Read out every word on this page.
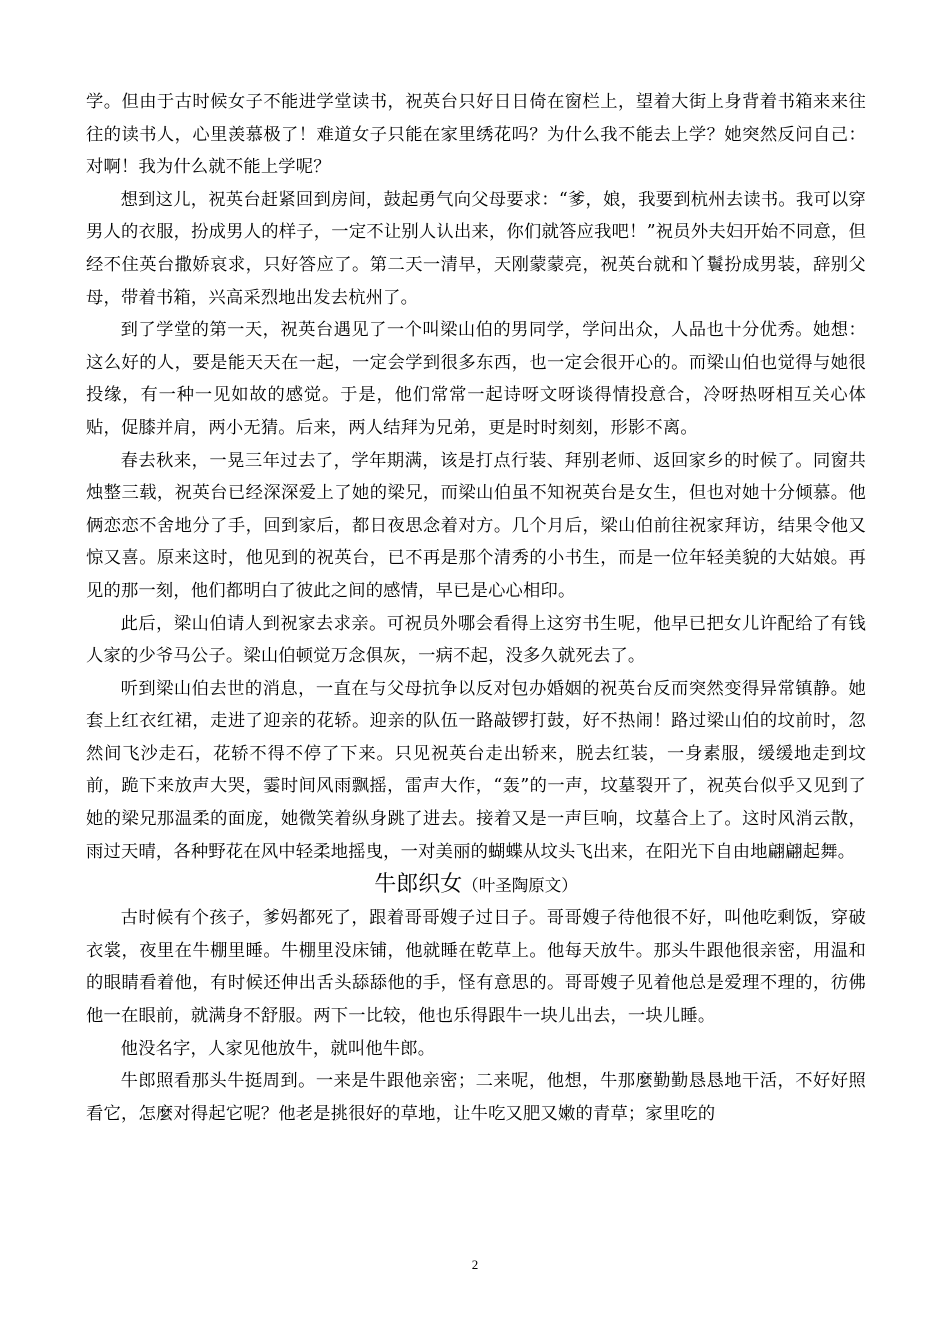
学。但由于古时候女子不能进学堂读书，祝英台只好日日倚在窗栏上，望着大街上身背着书箱来来往往的读书人，心里羡慕极了！难道女子只能在家里绣花吗？为什么我不能去上学？她突然反问自己：对啊！我为什么就不能上学呢？

想到这儿，祝英台赶紧回到房间，鼓起勇气向父母要求：“爹，娘，我要到杭州去读书。我可以穿男人的衣服，扮成男人的样子，一定不让别人认出来，你们就答应我吧！”祝员外夫妇开始不同意，但经不住英台撒娇哀求，只好答应了。第二天一清早，天刚蒙蒙亮，祝英台就和丫鬟扮成男装，辞别父母，带着书箱，兴高采烈地出发去杭州了。

到了学堂的第一天，祝英台遇见了一个叫梁山伯的男同学，学问出众，人品也十分优秀。她想：这么好的人，要是能天天在一起，一定会学到很多东西，也一定会很开心的。而梁山伯也觉得与她很投缘，有一种一见如故的感觉。于是，他们常常一起诗呀文呀谈得情投意合，冷呀热呀相互关心体贴，促膝并肩，两小无猜。后来，两人结拜为兄弟，更是时时刻刻，形影不离。

春去秋来，一晃三年过去了，学年期满，该是打点行装、拜别老师、返回家乡的时候了。同窗共烛整三载，祝英台已经深深爱上了她的梁兄，而梁山伯虽不知祝英台是女生，但也对她十分倾慕。他俩恋恋不舍地分了手，回到家后，都日夜思念着对方。几个月后，梁山伯前往祝家拜访，结果令他又惊又喜。原来这时，他见到的祝英台，已不再是那个清秀的小书生，而是一位年轻美貌的大姑娘。再见的那一刻，他们都明白了彼此之间的感情，早已是心心相印。

此后，梁山伯请人到祝家去求亲。可祝员外哪会看得上这穷书生呢，他早已把女儿许配给了有钱人家的少爷马公子。梁山伯顿觉万念俱灰，一病不起，没多久就死去了。

听到梁山伯去世的消息，一直在与父母抗争以反对包办婚姻的祝英台反而突然变得异常镇静。她套上红衣红裙，走进了迎亲的花轿。迎亲的队伍一路敲锣打鼓，好不热闹！路过梁山伯的坟前时，忽然间飞沙走石，花轿不得不停了下来。只见祝英台走出轿来，脱去红装，一身素服，缓缓地走到坟前，跪下来放声大哭，霎时间风雨飘摇，雷声大作，“轰”的一声，坟墓裂开了，祝英台似乎又见到了她的梁兄那温柔的面庞，她微笑着纵身跳了进去。接着又是一声巨响，坟墓合上了。这时风消云散，雨过天晴，各种野花在风中轻柔地摇曳，一对美丽的蝴蝶从坟头飞出来，在阳光下自由地翩翩起舞。

牛郎织女（叶圣陶原文）

古时候有个孩子，爹妈都死了，跟着哥哥嫂子过日子。哥哥嫂子待他很不好，叫他吃剩饭，穿破衣裳，夜里在牛棚里睡。牛棚里没床铺，他就睡在乾草上。他每天放牛。那头牛跟他很亲密，用温和的眼睛看着他，有时候还伸出舌头舔舔他的手，怪有意思的。哥哥嫂子见着他总是爱理不理的，彷佛他一在眼前，就满身不舒服。两下一比较，他也乐得跟牛一块儿出去，一块儿睡。

他没名字，人家见他放牛，就叫他牛郎。

牛郎照看那头牛挺周到。一来是牛跟他亲密；二来呢，他想，牛那麼勤勤恳恳地干活，不好好照看它，怎麼对得起它呢？他老是挑很好的草地，让牛吃又肥又嫩的青草；家里吃的

2
